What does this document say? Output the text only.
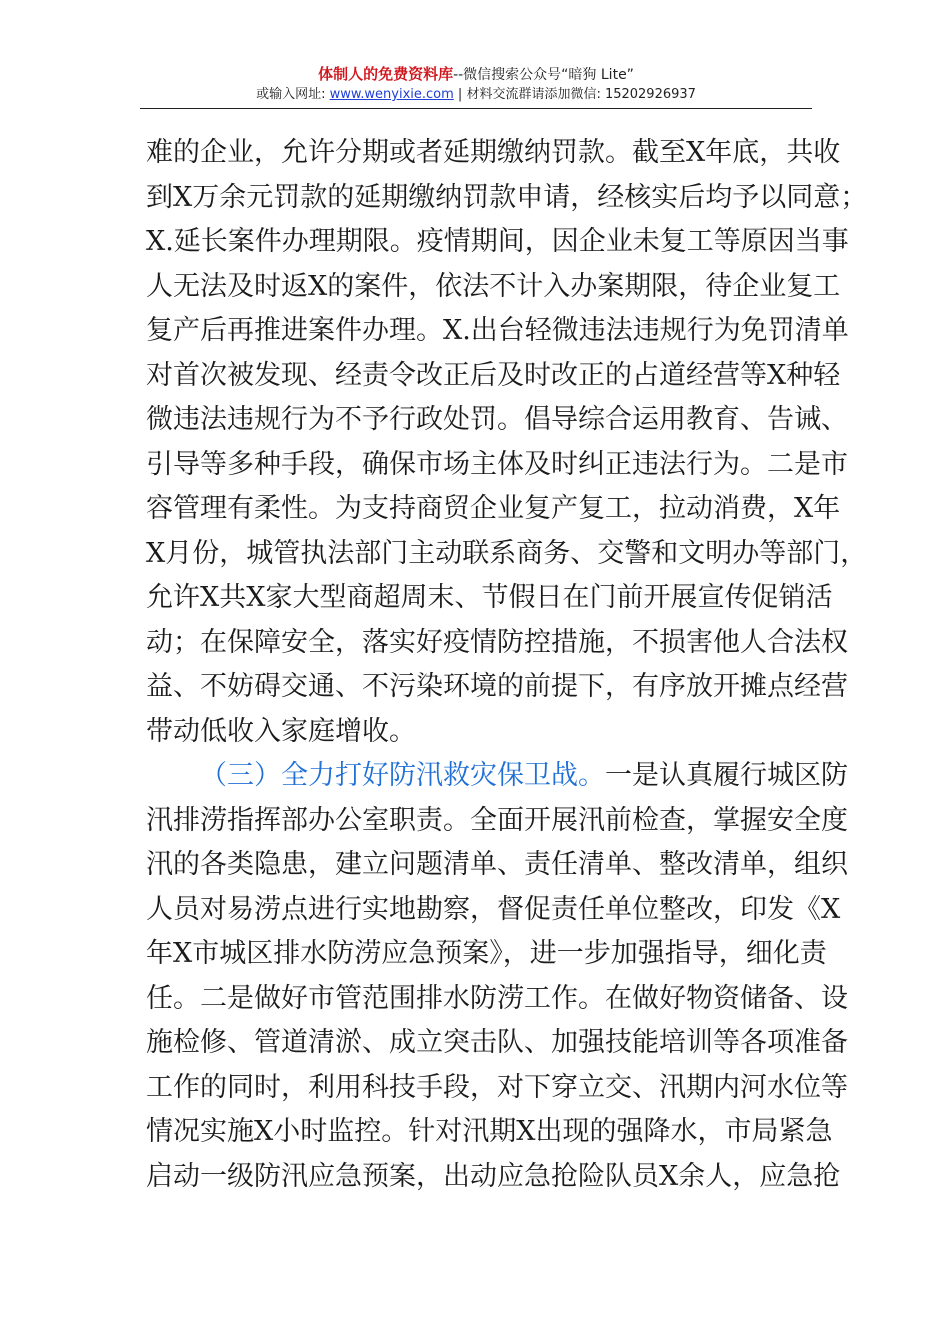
体制人的免费资料库--微信搜索公众号“暗狗 Lite”
或输入网址: www.wenyixie.com | 材料交流群请添加微信: 15202926937
难的企业，允许分期或者延期缴纳罚款。截至X年底，共收
到X万余元罚款的延期缴纳罚款申请，经核实后均予以同意；
X.延长案件办理期限。疫情期间，因企业未复工等原因当事
人无法及时返X的案件，依法不计入办案期限，待企业复工
复产后再推进案件办理。X.出台轻微违法违规行为免罚清单
对首次被发现、经责令改正后及时改正的占道经营等X种轻
微违法违规行为不予行政处罚。倡导综合运用教育、告诫、
引导等多种手段，确保市场主体及时纠正违法行为。二是市
容管理有柔性。为支持商贸企业复产复工，拉动消费，X年
X月份，城管执法部门主动联系商务、交警和文明办等部门，
允许X共X家大型商超周末、节假日在门前开展宣传促销活
动；在保障安全，落实好疫情防控措施，不损害他人合法权
益、不妨碍交通、不污染环境的前提下，有序放开摊点经营
带动低收入家庭增收。
（三）全力打好防汛救灾保卫战。一是认真履行城区防
汛排涝指挥部办公室职责。全面开展汛前检查，掌握安全度
汛的各类隐患，建立问题清单、责任清单、整改清单，组织
人员对易涝点进行实地勘察，督促责任单位整改，印发《X
年X市城区排水防涝应急预案》，进一步加强指导，细化责
任。二是做好市管范围排水防涝工作。在做好物资储备、设
施检修、管道清淤、成立突击队、加强技能培训等各项准备
工作的同时，利用科技手段，对下穿立交、汛期内河水位等
情况实施X小时监控。针对汛期X出现的强降水，市局紧急
启动一级防汛应急预案，出动应急抢险队员X余人，应急抢
